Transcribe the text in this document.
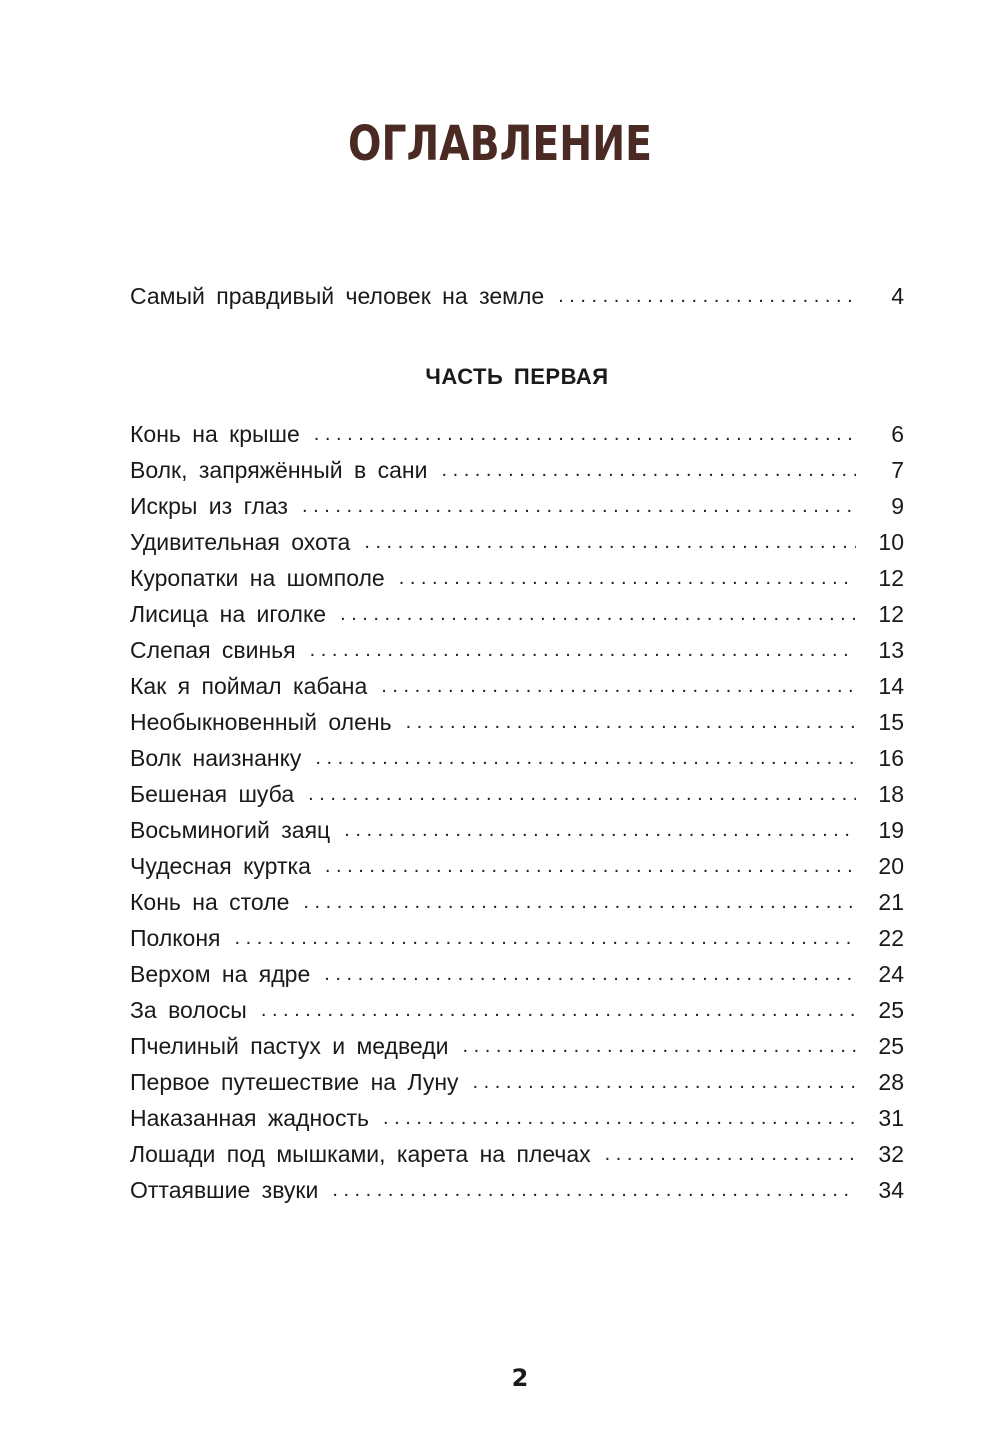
ОГЛАВЛЕНИЕ
Самый правдивый человек на земле . . .	4
ЧАСТЬ ПЕРВАЯ
Конь на крыше . . .	6
Волк, запряжённый в сани . . .	7
Искры из глаз . . .	9
Удивительная охота . . .	10
Куропатки на шомполе . . .	12
Лисица на иголке . . .	12
Слепая свинья . . .	13
Как я поймал кабана . . .	14
Необыкновенный олень . . .	15
Волк наизнанку . . .	16
Бешеная шуба . . .	18
Восьминогий заяц . . .	19
Чудесная куртка . . .	20
Конь на столе . . .	21
Полконя . . .	22
Верхом на ядре . . .	24
За волосы . . .	25
Пчелиный пастух и медведи . . .	25
Первое путешествие на Луну . . .	28
Наказанная жадность . . .	31
Лошади под мышками, карета на плечах . . .	32
Оттаявшие звуки . . .	34
2
